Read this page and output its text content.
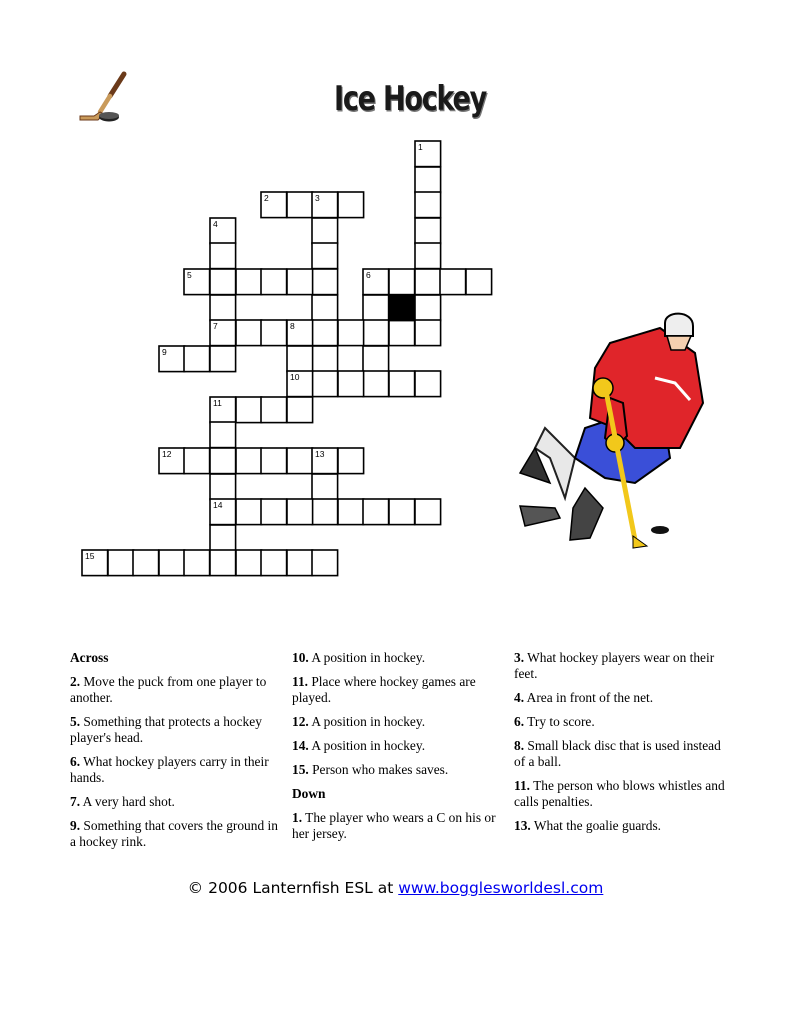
Ice Hockey
1
2	3
4
5	6
7	8
9
10
11
12	13
14
15
Across
2. Move the puck from one player to another.
5. Something that protects a hockey player's head.
6. What hockey players carry in their hands.
7. A very hard shot.
9. Something that covers the ground in a hockey rink.
10. A position in hockey.
11. Place where hockey games are played.
12. A position in hockey.
14. A position in hockey.
15. Person who makes saves.
Down
1. The player who wears a C on his or her jersey.
3. What hockey players wear on their feet.
4. Area in front of the net.
6. Try to score.
8. Small black disc that is used instead of a ball.
11. The person who blows whistles and calls penalties.
13. What the goalie guards.
© 2006 Lanternfish ESL at www.bogglesworldesl.com
